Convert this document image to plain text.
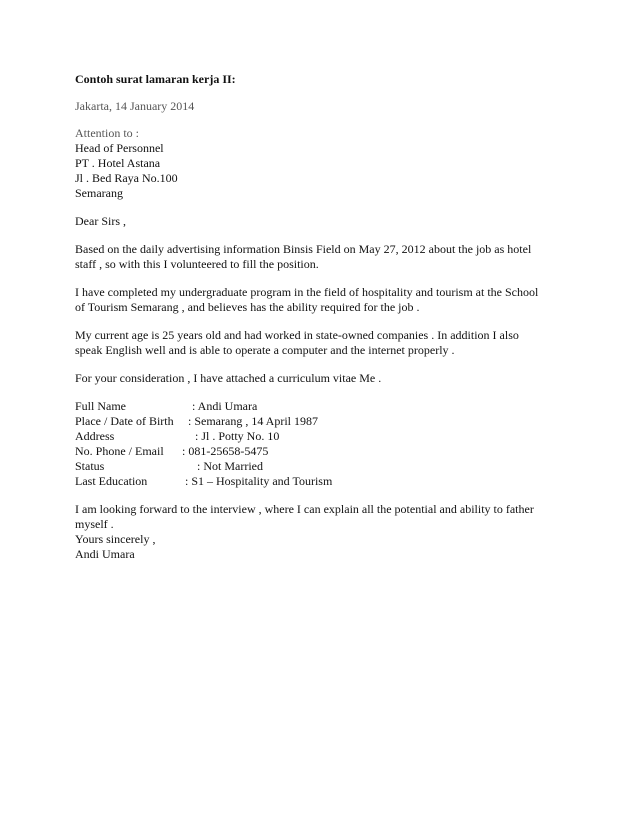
Contoh surat lamaran kerja II:
Jakarta, 14 January 2014
Attention to :
Head of Personnel
PT . Hotel Astana
Jl . Bed Raya No.100
Semarang
Dear Sirs ,
Based on the daily advertising information Binsis Field on May 27, 2012 about the job as hotel
staff , so with this I volunteered to fill the position.
I have completed my undergraduate program in the field of hospitality and tourism at the School
of Tourism Semarang , and believes has the ability required for the job .
My current age is 25 years old and had worked in state-owned companies . In addition I also
speak English well and is able to operate a computer and the internet properly .
For your consideration , I have attached a curriculum vitae Me .
Full Name	: Andi Umara
Place / Date of Birth : Semarang , 14 April 1987
Address	: Jl . Potty No. 10
No. Phone / Email : 081-25658-5475
Status	: Not Married
Last Education	: S1 – Hospitality and Tourism
I am looking forward to the interview , where I can explain all the potential and ability to father
myself .
Yours sincerely ,
Andi Umara
